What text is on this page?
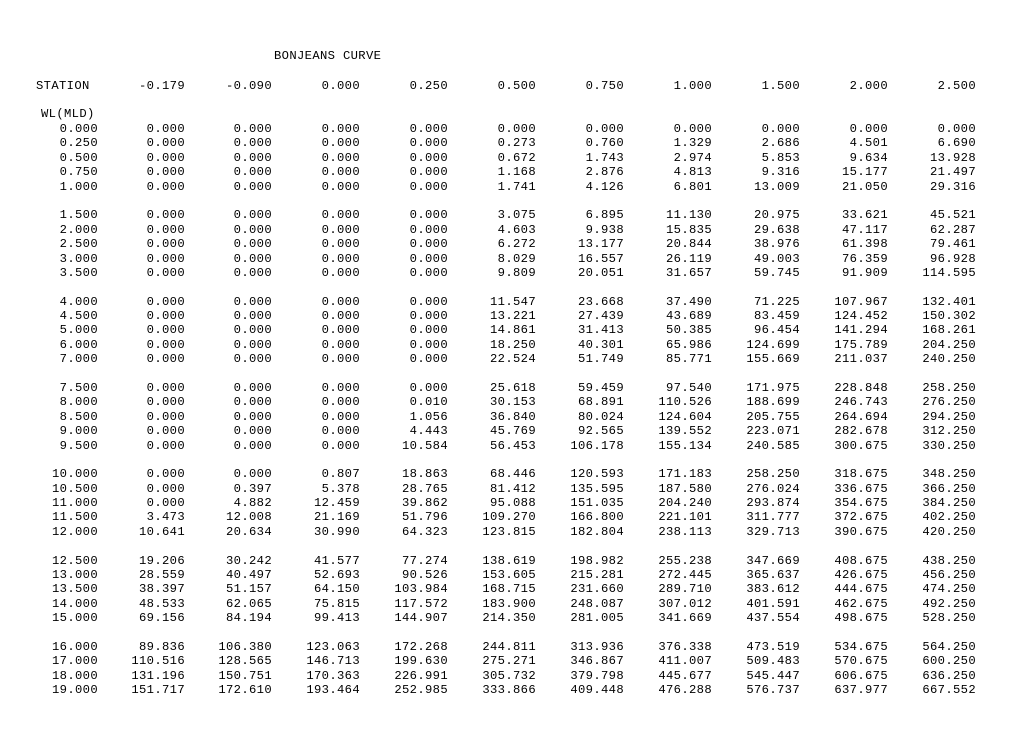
BONJEANS CURVE
STATION	-0.179	-0.090	0.000	0.250	0.500	0.750	1.000	1.500	2.000	2.500
WL(MLD)
0.000	0.000	0.000	0.000	0.000	0.000	0.000	0.000	0.000	0.000	0.000
0.250	0.000	0.000	0.000	0.000	0.273	0.760	1.329	2.686	4.501	6.690
0.500	0.000	0.000	0.000	0.000	0.672	1.743	2.974	5.853	9.634	13.928
0.750	0.000	0.000	0.000	0.000	1.168	2.876	4.813	9.316	15.177	21.497
1.000	0.000	0.000	0.000	0.000	1.741	4.126	6.801	13.009	21.050	29.316
1.500	0.000	0.000	0.000	0.000	3.075	6.895	11.130	20.975	33.621	45.521
2.000	0.000	0.000	0.000	0.000	4.603	9.938	15.835	29.638	47.117	62.287
2.500	0.000	0.000	0.000	0.000	6.272	13.177	20.844	38.976	61.398	79.461
3.000	0.000	0.000	0.000	0.000	8.029	16.557	26.119	49.003	76.359	96.928
3.500	0.000	0.000	0.000	0.000	9.809	20.051	31.657	59.745	91.909	114.595
4.000	0.000	0.000	0.000	0.000	11.547	23.668	37.490	71.225	107.967	132.401
4.500	0.000	0.000	0.000	0.000	13.221	27.439	43.689	83.459	124.452	150.302
5.000	0.000	0.000	0.000	0.000	14.861	31.413	50.385	96.454	141.294	168.261
6.000	0.000	0.000	0.000	0.000	18.250	40.301	65.986	124.699	175.789	204.250
7.000	0.000	0.000	0.000	0.000	22.524	51.749	85.771	155.669	211.037	240.250
7.500	0.000	0.000	0.000	0.000	25.618	59.459	97.540	171.975	228.848	258.250
8.000	0.000	0.000	0.000	0.010	30.153	68.891	110.526	188.699	246.743	276.250
8.500	0.000	0.000	0.000	1.056	36.840	80.024	124.604	205.755	264.694	294.250
9.000	0.000	0.000	0.000	4.443	45.769	92.565	139.552	223.071	282.678	312.250
9.500	0.000	0.000	0.000	10.584	56.453	106.178	155.134	240.585	300.675	330.250
10.000	0.000	0.000	0.807	18.863	68.446	120.593	171.183	258.250	318.675	348.250
10.500	0.000	0.397	5.378	28.765	81.412	135.595	187.580	276.024	336.675	366.250
11.000	0.000	4.882	12.459	39.862	95.088	151.035	204.240	293.874	354.675	384.250
11.500	3.473	12.008	21.169	51.796	109.270	166.800	221.101	311.777	372.675	402.250
12.000	10.641	20.634	30.990	64.323	123.815	182.804	238.113	329.713	390.675	420.250
12.500	19.206	30.242	41.577	77.274	138.619	198.982	255.238	347.669	408.675	438.250
13.000	28.559	40.497	52.693	90.526	153.605	215.281	272.445	365.637	426.675	456.250
13.500	38.397	51.157	64.150	103.984	168.715	231.660	289.710	383.612	444.675	474.250
14.000	48.533	62.065	75.815	117.572	183.900	248.087	307.012	401.591	462.675	492.250
15.000	69.156	84.194	99.413	144.907	214.350	281.005	341.669	437.554	498.675	528.250
16.000	89.836	106.380	123.063	172.268	244.811	313.936	376.338	473.519	534.675	564.250
17.000	110.516	128.565	146.713	199.630	275.271	346.867	411.007	509.483	570.675	600.250
18.000	131.196	150.751	170.363	226.991	305.732	379.798	445.677	545.447	606.675	636.250
19.000	151.717	172.610	193.464	252.985	333.866	409.448	476.288	576.737	637.977	667.552
